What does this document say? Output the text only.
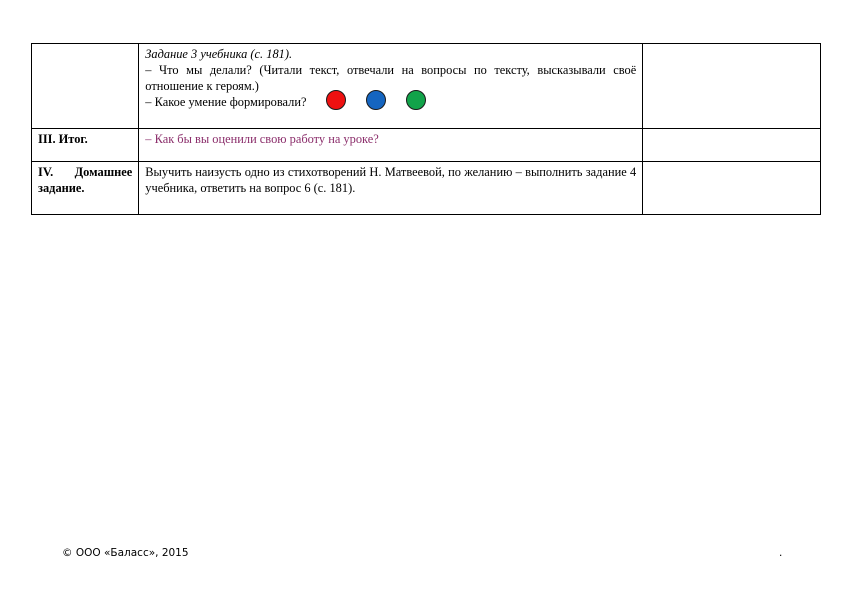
	Задание 3 учебника (с. 181).
– Что мы делали? (Читали текст, отвечали на вопросы по тексту, высказывали своё отношение к героям.)
– Какое умение формировали?	

III. Итог.	– Как бы вы оценили свою работу на уроке?	

IV. Домашнее
задание.	Выучить наизусть одно из стихотворений Н. Матвеевой, по желанию – выполнить задание 4 учебника, ответить на вопрос 6 (с. 181).	
© ООО «Баласс», 2015	.
